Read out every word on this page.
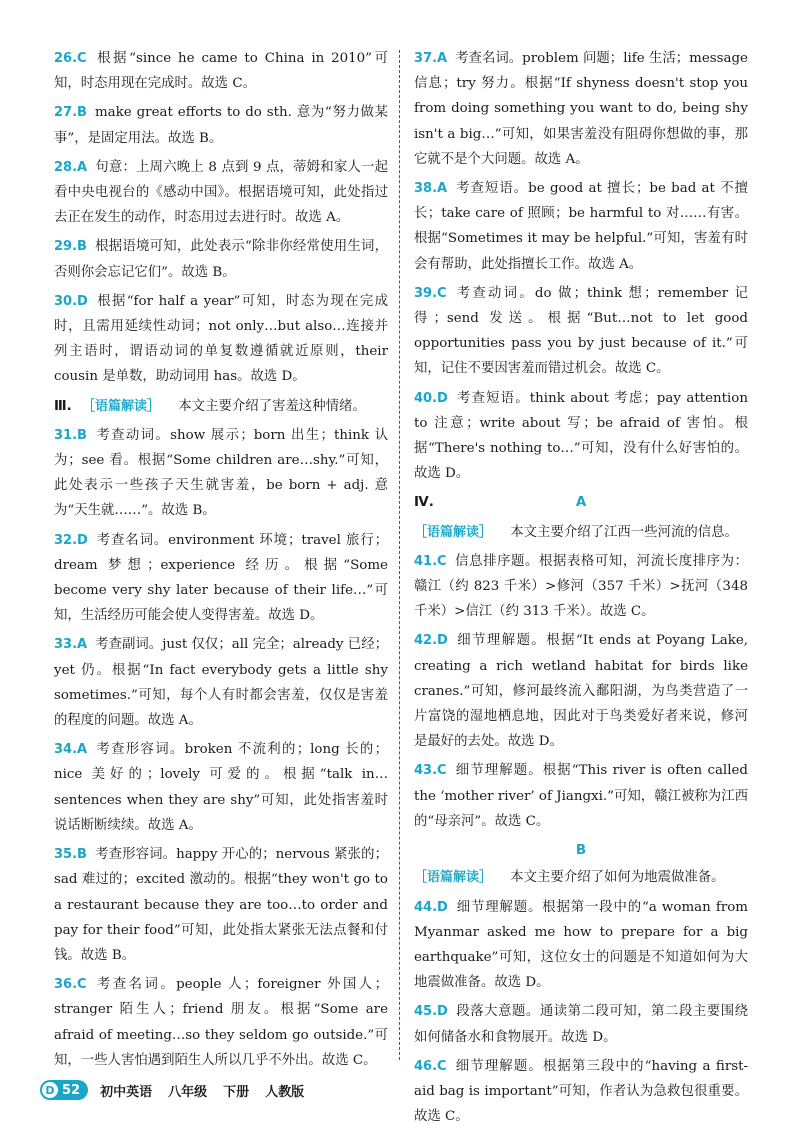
26.C 根据“since he came to China in 2010”可知，时态用现在完成时。故选 C。
27.B make great efforts to do sth. 意为“努力做某事”，是固定用法。故选 B。
28.A 句意：上周六晚上 8 点到 9 点，蒂姆和家人一起看中央电视台的《感动中国》。根据语境可知，此处指过去正在发生的动作，时态用过去进行时。故选 A。
29.B 根据语境可知，此处表示“除非你经常使用生词，否则你会忘记它们”。故选 B。
30.D 根据“for half a year”可知，时态为现在完成时，且需用延续性动词；not only…but also…连接并列主语时，谓语动词的单复数遵循就近原则，their cousin 是单数，助动词用 has。故选 D。
Ⅲ. ［语篇解读］ 本文主要介绍了害羞这种情绪。
31.B 考查动词。show 展示；born 出生；think 认为；see 看。根据“Some children are…shy.”可知，此处表示一些孩子天生就害羞，be born + adj. 意为“天生就……”。故选 B。
32.D 考查名词。environment 环境；travel 旅行；dream 梦想；experience 经历。根据“Some become very shy later because of their life…”可知，生活经历可能会使人变得害羞。故选 D。
33.A 考查副词。just 仅仅；all 完全；already 已经；yet 仍。根据“In fact everybody gets a little shy sometimes.”可知，每个人有时都会害羞，仅仅是害羞的程度的问题。故选 A。
34.A 考查形容词。broken 不流利的；long 长的；nice 美好的；lovely 可爱的。根据“talk in…sentences when they are shy”可知，此处指害羞时说话断断续续。故选 A。
35.B 考查形容词。happy 开心的；nervous 紧张的；sad 难过的；excited 激动的。根据“they won't go to a restaurant because they are too…to order and pay for their food”可知，此处指太紧张无法点餐和付钱。故选 B。
36.C 考查名词。people 人；foreigner 外国人；stranger 陌生人；friend 朋友。根据“Some are afraid of meeting…so they seldom go outside.”可知，一些人害怕遇到陌生人所以几乎不外出。故选 C。
37.A 考查名词。problem 问题；life 生活；message 信息；try 努力。根据“If shyness doesn't stop you from doing something you want to do, being shy isn't a big…”可知，如果害羞没有阻碍你想做的事，那它就不是个大问题。故选 A。
38.A 考查短语。be good at 擅长；be bad at 不擅长；take care of 照顾；be harmful to 对……有害。根据“Sometimes it may be helpful.”可知，害羞有时会有帮助，此处指擅长工作。故选 A。
39.C 考查动词。do 做；think 想；remember 记得；send 发送。根据“But…not to let good opportunities pass you by just because of it.”可知，记住不要因害羞而错过机会。故选 C。
40.D 考查短语。think about 考虑；pay attention to 注意；write about 写；be afraid of 害怕。根据“There's nothing to…”可知，没有什么好害怕的。故选 D。
Ⅳ.	A
［语篇解读］ 本文主要介绍了江西一些河流的信息。
41.C 信息排序题。根据表格可知，河流长度排序为：赣江（约 823 千米）>修河（357 千米）>抚河（348 千米）>信江（约 313 千米）。故选 C。
42.D 细节理解题。根据“It ends at Poyang Lake, creating a rich wetland habitat for birds like cranes.”可知，修河最终流入鄱阳湖，为鸟类营造了一片富饶的湿地栖息地，因此对于鸟类爱好者来说，修河是最好的去处。故选 D。
43.C 细节理解题。根据“This river is often called the ‘mother river’ of Jiangxi.”可知，赣江被称为江西的“母亲河”。故选 C。
B
［语篇解读］ 本文主要介绍了如何为地震做准备。
44.D 细节理解题。根据第一段中的“a woman from Myanmar asked me how to prepare for a big earthquake”可知，这位女士的问题是不知道如何为大地震做准备。故选 D。
45.D 段落大意题。通读第二段可知，第二段主要围绕如何储备水和食物展开。故选 D。
46.C 细节理解题。根据第三段中的“having a first-aid bag is important”可知，作者认为急救包很重要。故选 C。
D 52 初中英语 八年级 下册 人教版
